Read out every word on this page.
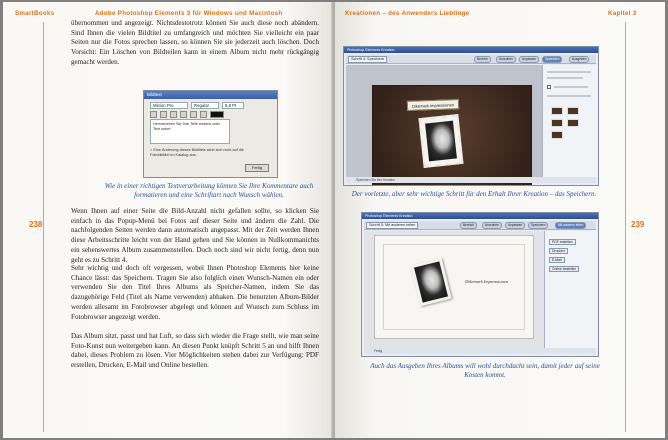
SmartBooks	Adobe Photoshop Elements 3 für Windows und Macintosh
238
übernommen und angezeigt. Nichtsdestotrotz können Sie auch diese noch abändern. Sind Ihnen die vielen Bildtitel zu umfangreich und möchten Sie vielleicht ein paar Seiten nur die Fotos sprechen lassen, so können Sie sie jederzeit auch löschen. Doch Vorsicht: Ein Löschen von Bildteilen kann in einem Album nicht mehr rückgängig gemacht werden.
Bildtext
Minion Pro	Regular	8,8 Pt
Hervorheben Sie Ihre Teile einfach oder Text sofort
● Eine Änderung dieses Bildtitels wirkt sich nicht auf die Fotobildtitel im Katalog aus.
Fertig
Wie in einer richtigen Textverarbeitung können Sie Ihre Kommentare auch formatieren und eine Schriftart nach Wunsch wählen.
Wenn Ihnen auf einer Seite die Bild-Anzahl nicht gefallen sollte, so klicken Sie einfach in das Popup-Menü bei Fotos auf dieser Seite und ändern die Zahl. Die nachfolgenden Seiten werden dann automatisch angepasst. Mit der Zeit werden Ihnen diese Arbeitsschritte leicht von der Hand gehen und Sie können in Nullkommanichts ein sehenswertes Album zusammenstellen. Doch noch sind wir nicht fertig, denn nun geht es zu Schritt 4.
Sehr wichtig und doch oft vergessen, wobei Ihnen Photoshop Elements hier keine Chance lässt: das Speichern. Tragen Sie also folglich einen Wunsch-Namen ein oder verwenden Sie den Titel Ihres Albums als Speicher-Namen, indem Sie das dazugehörige Feld (Titel als Name verwenden) abhaken. Die benutzten Album-Bilder werden allesamt im Fotobrowser abgelegt und können auf Wunsch zum Schluss im Fotobrowser angezeigt werden.
Das Album sitzt, passt und hat Luft, so dass sich wieder die Frage stellt, wie man seine Foto-Kunst nun weitergeben kann. An diesen Punkt knüpft Schritt 5 an und hilft Ihnen dabei, dieses Problem zu lösen. Vier Möglichkeiten stehen dabei zur Verfügung: PDF erstellen, Drucken, E-Mail und Online bestellen.
Kreationen – des Anwenders Lieblinge	Kapitel 3
239
Photoshop Elements Kreation
Schritt 4: Speichern	Bereich	Anordnen	Anpassen	Speichern	Ausgeben
Dikemark Impressionen
Speichern Sie Ihre Kreation
Der vorletzte, aber sehr wichtige Schritt für den Erhalt Ihrer Kreation – das Speichern.
Photoshop Elements Kreation
Schritt 5: Mit anderen teilen	Bereich	Anordnen	Anpassen	Speichern	Mit anderen teilen
Dikemark Impressionen
PDF erstellen
Drucken
E-Mail
Online bestellen
Fertig
Auch das Ausgeben Ihres Albums will wohl durchdacht sein, damit jeder auf seine Kosten kommt.
